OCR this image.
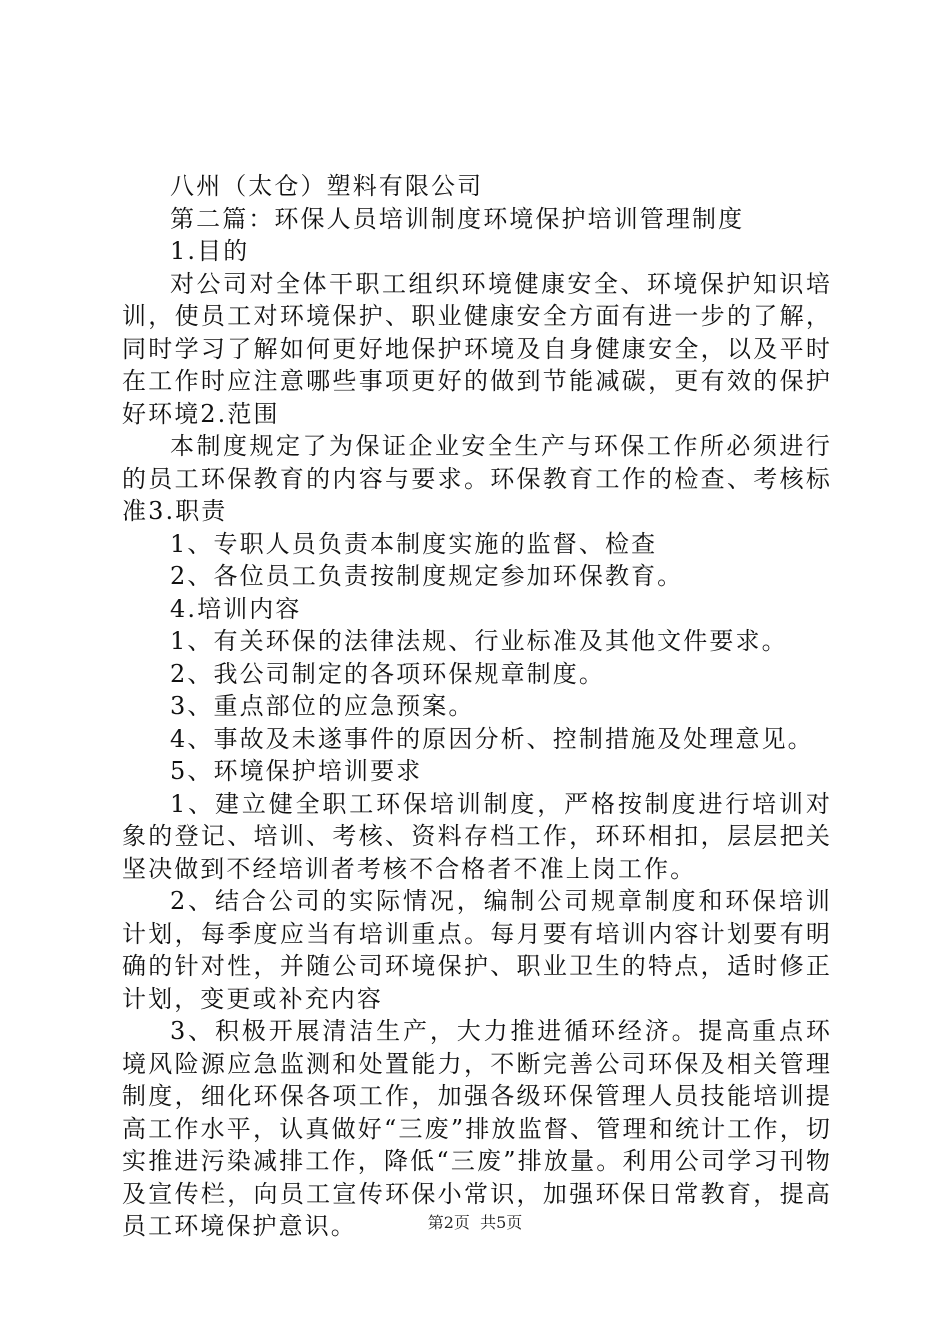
八州（太仓）塑料有限公司

第二篇：环保人员培训制度环境保护培训管理制度

1.目的

对公司对全体干职工组织环境健康安全、环境保护知识培训，使员工对环境保护、职业健康安全方面有进一步的了解，同时学习了解如何更好地保护环境及自身健康安全，以及平时在工作时应注意哪些事项更好的做到节能减碳，更有效的保护好环境2.范围

本制度规定了为保证企业安全生产与环保工作所必须进行的员工环保教育的内容与要求。环保教育工作的检查、考核标准3.职责

1、专职人员负责本制度实施的监督、检查

2、各位员工负责按制度规定参加环保教育。

4.培训内容

1、有关环保的法律法规、行业标准及其他文件要求。

2、我公司制定的各项环保规章制度。

3、重点部位的应急预案。

4、事故及未遂事件的原因分析、控制措施及处理意见。

5、环境保护培训要求

1、建立健全职工环保培训制度，严格按制度进行培训对象的登记、培训、考核、资料存档工作，环环相扣，层层把关坚决做到不经培训者考核不合格者不准上岗工作。

2、结合公司的实际情况，编制公司规章制度和环保培训计划，每季度应当有培训重点。每月要有培训内容计划要有明确的针对性，并随公司环境保护、职业卫生的特点，适时修正计划，变更或补充内容

3、积极开展清洁生产，大力推进循环经济。提高重点环境风险源应急监测和处置能力，不断完善公司环保及相关管理制度，细化环保各项工作，加强各级环保管理人员技能培训提高工作水平，认真做好“三废”排放监督、管理和统计工作，切实推进污染减排工作，降低“三废”排放量。利用公司学习刊物及宣传栏，向员工宣传环保小常识，加强环保日常教育，提高员工环境保护意识。	第2页  共5页
